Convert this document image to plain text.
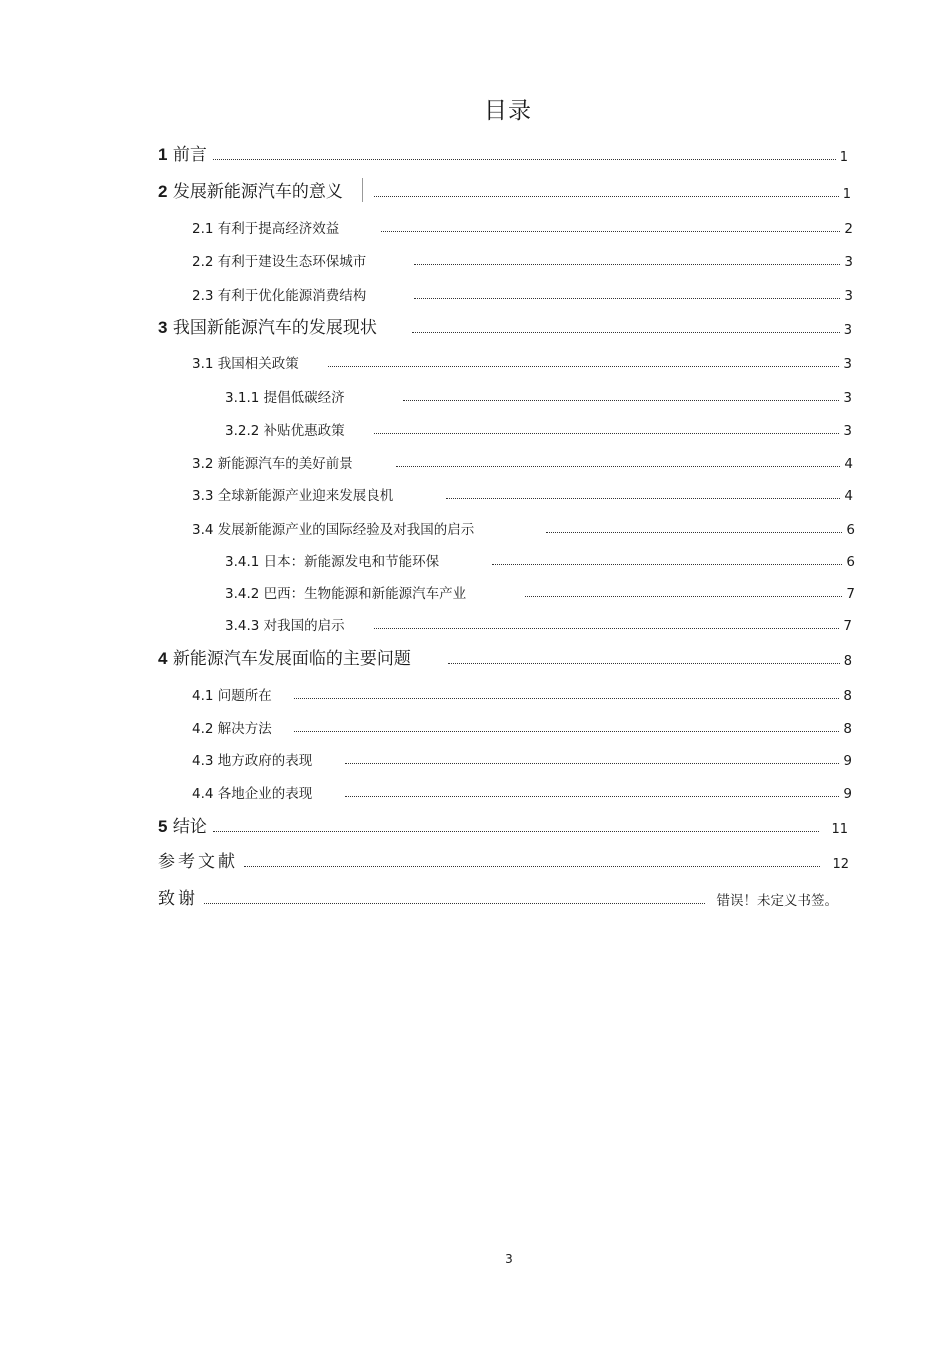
目录
1 前言	1
2 发展新能源汽车的意义	1
2.1 有利于提高经济效益	2
2.2 有利于建设生态环保城市	3
2.3 有利于优化能源消费结构	3
3 我国新能源汽车的发展现状	3
3.1 我国相关政策	3
3.1.1 提倡低碳经济	3
3.2.2 补贴优惠政策	3
3.2 新能源汽车的美好前景	4
3.3 全球新能源产业迎来发展良机	4
3.4 发展新能源产业的国际经验及对我国的启示	6
3.4.1 日本：新能源发电和节能环保	6
3.4.2 巴西：生物能源和新能源汽车产业	7
3.4.3 对我国的启示	7
4 新能源汽车发展面临的主要问题	8
4.1 问题所在	8
4.2 解决方法	8
4.3 地方政府的表现	9
4.4 各地企业的表现	9
5 结论	11
参考文献	12
致谢	错误！未定义书签。
3
